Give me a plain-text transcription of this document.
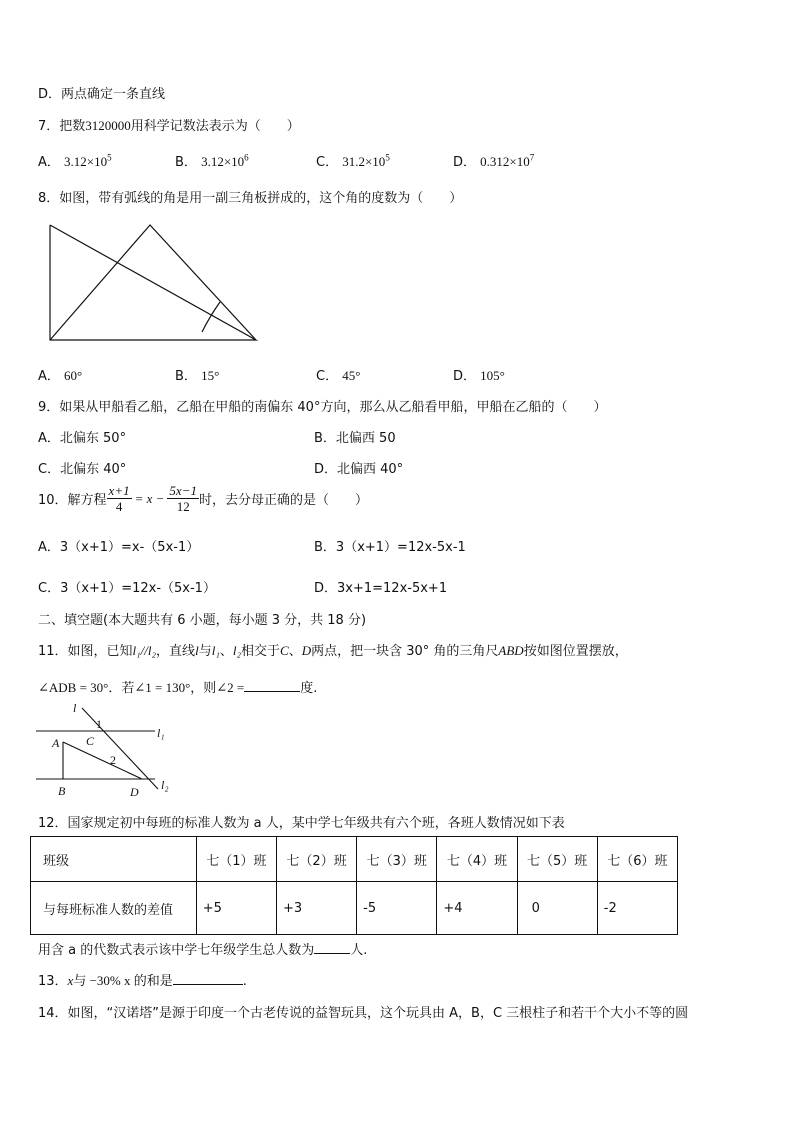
D．两点确定一条直线
7．把数3120000用科学记数法表示为（　　）
A． $3.12\times 10^5$	B． $3.12\times 10^6$	C． $31.2\times 10^5$	D． $0.312\times 10^7$
8．如图，带有弧线的角是用一副三角板拼成的，这个角的度数为（　　）
A． 60°	B． 15°	C． 45°	D． 105°
9．如果从甲船看乙船，乙船在甲船的南偏东 40°方向，那么从乙船看甲船，甲船在乙船的（　　）
A．北偏东 50°	B．北偏西 50
C．北偏东 40°	D．北偏西 40°
10．解方程 $\frac{x+1}{4} = x - \frac{5x-1}{12}$ 时，去分母正确的是（　　）
A．3（x+1）=x-（5x-1）	B．3（x+1）=12x-5x-1
C．3（x+1）=12x-（5x-1）	D．3x+1=12x-5x+1
二、填空题(本大题共有 6 小题，每小题 3 分，共 18 分)
11．如图，已知l₁//l₂，直线l与l₁、l₂相交于C、D两点，把一块含 30° 角的三角尺ABD按如图位置摆放，
∠ADB = 30°．若∠1 = 130°，则∠2 =	度.
l
1
l₁
A C
2
B	D l₂
12．国家规定初中每班的标准人数为 a 人，某中学七年级共有六个班，各班人数情况如下表
班级	七（1）班	七（2）班	七（3）班	七（4）班	七（5）班	七（6）班
与每班标准人数的差值	+5	+3	-5	+4	0	-2
用含 a 的代数式表示该中学七年级学生总人数为	人.
13．x与 −30% x 的和是	.
14．如图，“汉诺塔”是源于印度一个古老传说的益智玩具，这个玩具由 A，B，C 三根柱子和若干个大小不等的圆
